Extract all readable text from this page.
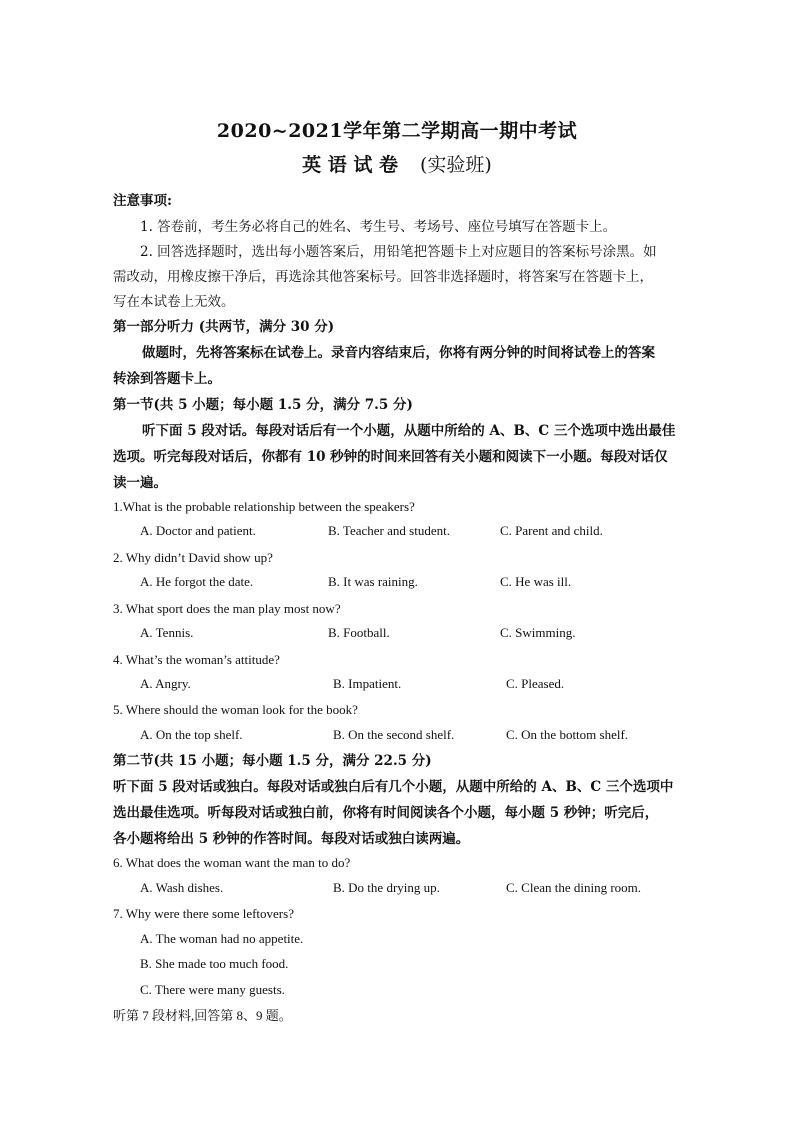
2020~2021学年第二学期高一期中考试
英 语 试 卷 (实验班)
注意事项:
1. 答卷前，考生务必将自己的姓名、考生号、考场号、座位号填写在答题卡上。
2. 回答选择题时，选出每小题答案后，用铅笔把答题卡上对应题目的答案标号涂黑。如
需改动，用橡皮擦干净后，再选涂其他答案标号。回答非选择题时，将答案写在答题卡上，
写在本试卷上无效。
第一部分听力 (共两节，满分 30 分)
做题时，先将答案标在试卷上。录音内容结束后，你将有两分钟的时间将试卷上的答案
转涂到答题卡上。
第一节(共 5 小题；每小题 1.5 分，满分 7.5 分)
听下面 5 段对话。每段对话后有一个小题，从题中所给的 A、B、C 三个选项中选出最佳
选项。听完每段对话后，你都有 10 秒钟的时间来回答有关小题和阅读下一小题。每段对话仅
读一遍。
1.What is the probable relationship between the speakers?
A. Doctor and patient.	B. Teacher and student.	C. Parent and child.
2. Why didn’t David show up?
A. He forgot the date.	B. It was raining.	C. He was ill.
3. What sport does the man play most now?
A. Tennis.	B. Football.	C. Swimming.
4. What’s the woman’s attitude?
A. Angry.	B. Impatient.	C. Pleased.
5. Where should the woman look for the book?
A. On the top shelf.	B. On the second shelf.	C. On the bottom shelf.
第二节(共 15 小题；每小题 1.5 分，满分 22.5 分)
听下面 5 段对话或独白。每段对话或独白后有几个小题，从题中所给的 A、B、C 三个选项中
选出最佳选项。听每段对话或独白前，你将有时间阅读各个小题，每小题 5 秒钟；听完后，
各小题将给出 5 秒钟的作答时间。每段对话或独白读两遍。
6. What does the woman want the man to do?
A. Wash dishes.	B. Do the drying up.	C. Clean the dining room.
7. Why were there some leftovers?
A. The woman had no appetite.
B. She made too much food.
C. There were many guests.
听第 7 段材料,回答第 8、9 题。
